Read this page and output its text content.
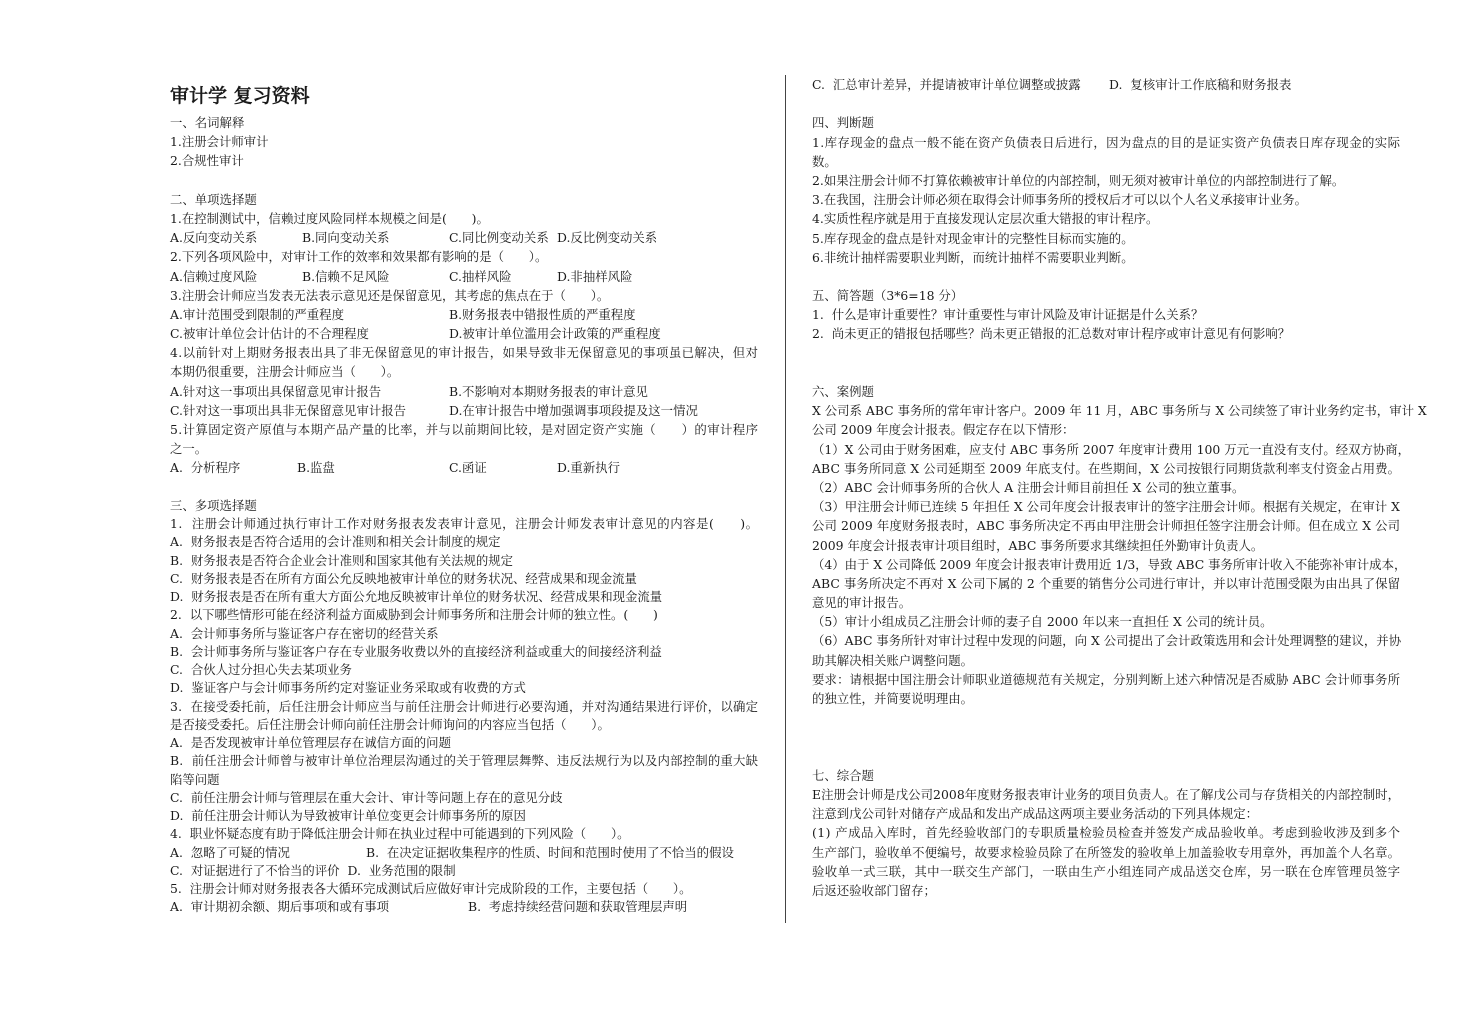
审计学 复习资料
一、名词解释
1.注册会计师审计
2.合规性审计
二、单项选择题
1.在控制测试中，信赖过度风险同样本规模之间是(　　)。
A.反向变动关系	B.同向变动关系	C.同比例变动关系 D.反比例变动关系
2.下列各项风险中，对审计工作的效率和效果都有影响的是（　　）。
A.信赖过度风险	B.信赖不足风险	C.抽样风险	D.非抽样风险
3.注册会计师应当发表无法表示意见还是保留意见，其考虑的焦点在于（　　）。
A.审计范围受到限制的严重程度	B.财务报表中错报性质的严重程度
C.被审计单位会计估计的不合理程度	D.被审计单位滥用会计政策的严重程度
4.以前针对上期财务报表出具了非无保留意见的审计报告，如果导致非无保留意见的事项虽已解决，但对
本期仍很重要，注册会计师应当（　　）。
A.针对这一事项出具保留意见审计报告	B.不影响对本期财务报表的审计意见
C.针对这一事项出具非无保留意见审计报告	D.在审计报告中增加强调事项段提及这一情况
5.计算固定资产原值与本期产品产量的比率，并与以前期间比较，是对固定资产实施（　　）的审计程序
之一。
A.  分析程序	B.监盘	C.函证	D.重新执行
三、多项选择题
1.  注册会计师通过执行审计工作对财务报表发表审计意见，注册会计师发表审计意见的内容是(　　)。
A.  财务报表是否符合适用的会计准则和相关会计制度的规定
B.  财务报表是否符合企业会计准则和国家其他有关法规的规定
C.  财务报表是否在所有方面公允反映地被审计单位的财务状况、经营成果和现金流量
D.  财务报表是否在所有重大方面公允地反映被审计单位的财务状况、经营成果和现金流量
2.  以下哪些情形可能在经济利益方面威胁到会计师事务所和注册会计师的独立性。(　　)
A.  会计师事务所与鉴证客户存在密切的经营关系
B.  会计师事务所与鉴证客户存在专业服务收费以外的直接经济利益或重大的间接经济利益
C.  合伙人过分担心失去某项业务
D.  鉴证客户与会计师事务所约定对鉴证业务采取或有收费的方式
3.  在接受委托前，后任注册会计师应当与前任注册会计师进行必要沟通，并对沟通结果进行评价，以确定
是否接受委托。后任注册会计师向前任注册会计师询问的内容应当包括（　　）。
A.  是否发现被审计单位管理层存在诚信方面的问题
B.  前任注册会计师曾与被审计单位治理层沟通过的关于管理层舞弊、违反法规行为以及内部控制的重大缺
陷等问题
C.  前任注册会计师与管理层在重大会计、审计等问题上存在的意见分歧
D.  前任注册会计师认为导致被审计单位变更会计师事务所的原因
4.  职业怀疑态度有助于降低注册会计师在执业过程中可能遇到的下列风险（　　）。
A.  忽略了可疑的情况	B.  在决定证据收集程序的性质、时间和范围时使用了不恰当的假设
C.  对证据进行了不恰当的评价 D.  业务范围的限制
5.  注册会计师对财务报表各大循环完成测试后应做好审计完成阶段的工作，主要包括（　　）。
A.  审计期初余额、期后事项和或有事项	B.  考虑持续经营问题和获取管理层声明
C.  汇总审计差异，并提请被审计单位调整或披露 D.  复核审计工作底稿和财务报表
四、判断题
1.库存现金的盘点一般不能在资产负债表日后进行，因为盘点的目的是证实资产负债表日库存现金的实际
数。
2.如果注册会计师不打算依赖被审计单位的内部控制，则无须对被审计单位的内部控制进行了解。
3.在我国，注册会计师必须在取得会计师事务所的授权后才可以以个人名义承接审计业务。
4.实质性程序就是用于直接发现认定层次重大错报的审计程序。
5.库存现金的盘点是针对现金审计的完整性目标而实施的。
6.非统计抽样需要职业判断，而统计抽样不需要职业判断。
五、简答题（3*6=18 分）
1.  什么是审计重要性？审计重要性与审计风险及审计证据是什么关系？
2.  尚未更正的错报包括哪些？尚未更正错报的汇总数对审计程序或审计意见有何影响？
六、案例题
X 公司系 ABC 事务所的常年审计客户。2009 年 11 月，ABC 事务所与 X 公司续签了审计业务约定书，审计 X
公司 2009 年度会计报表。假定存在以下情形：
（1）X 公司由于财务困难，应支付 ABC 事务所 2007 年度审计费用 100 万元一直没有支付。经双方协商，
ABC 事务所同意 X 公司延期至 2009 年底支付。在些期间，X 公司按银行同期货款利率支付资金占用费。
（2）ABC 会计师事务所的合伙人 A 注册会计师目前担任 X 公司的独立董事。
（3）甲注册会计师已连续 5 年担任 X 公司年度会计报表审计的签字注册会计师。根据有关规定，在审计 X
公司 2009 年度财务报表时，ABC 事务所决定不再由甲注册会计师担任签字注册会计师。但在成立 X 公司
2009 年度会计报表审计项目组时，ABC 事务所要求其继续担任外勤审计负责人。
（4）由于 X 公司降低 2009 年度会计报表审计费用近 1/3，导致 ABC 事务所审计收入不能弥补审计成本，
ABC 事务所决定不再对 X 公司下属的 2 个重要的销售分公司进行审计，并以审计范围受限为由出具了保留
意见的审计报告。
（5）审计小组成员乙注册会计师的妻子自 2000 年以来一直担任 X 公司的统计员。
（6）ABC 事务所针对审计过程中发现的问题，向 X 公司提出了会计政策选用和会计处理调整的建议，并协
助其解决相关账户调整问题。
要求：请根据中国注册会计师职业道德规范有关规定，分别判断上述六种情况是否威胁 ABC 会计师事务所
的独立性，并简要说明理由。
七、综合题
E注册会计师是戊公司2008年度财务报表审计业务的项目负责人。在了解戊公司与存货相关的内部控制时，
注意到戊公司针对储存产成品和发出产成品这两项主要业务活动的下列具体规定：
(1) 产成品入库时，首先经验收部门的专职质量检验员检查并签发产成品验收单。考虑到验收涉及到多个
生产部门，验收单不便编号，故要求检验员除了在所签发的验收单上加盖验收专用章外，再加盖个人名章。
验收单一式三联，其中一联交生产部门，一联由生产小组连同产成品送交仓库，另一联在仓库管理员签字
后返还验收部门留存；
